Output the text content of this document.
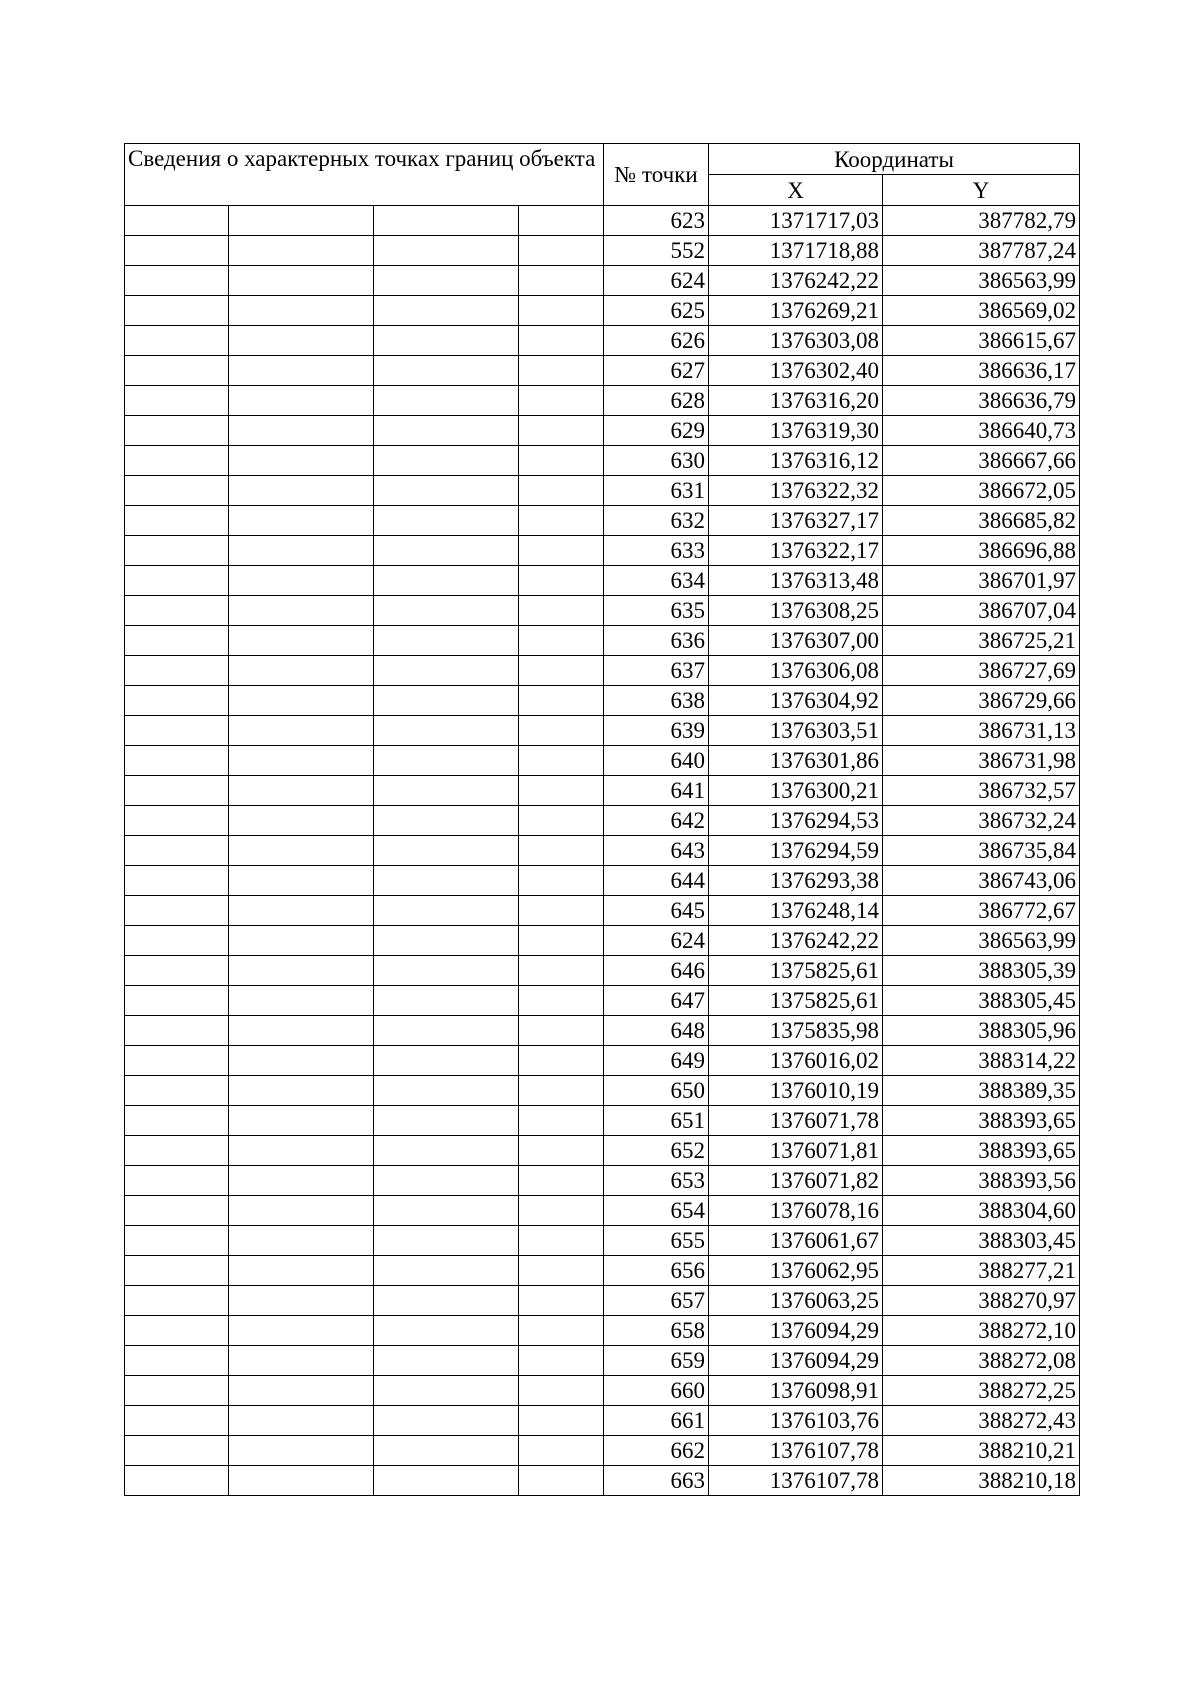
Сведения о характерных точках границ объекта				№ точки	Координаты	
					X	Y
				623	1371717,03	387782,79
				552	1371718,88	387787,24
				624	1376242,22	386563,99
				625	1376269,21	386569,02
				626	1376303,08	386615,67
				627	1376302,40	386636,17
				628	1376316,20	386636,79
				629	1376319,30	386640,73
				630	1376316,12	386667,66
				631	1376322,32	386672,05
				632	1376327,17	386685,82
				633	1376322,17	386696,88
				634	1376313,48	386701,97
				635	1376308,25	386707,04
				636	1376307,00	386725,21
				637	1376306,08	386727,69
				638	1376304,92	386729,66
				639	1376303,51	386731,13
				640	1376301,86	386731,98
				641	1376300,21	386732,57
				642	1376294,53	386732,24
				643	1376294,59	386735,84
				644	1376293,38	386743,06
				645	1376248,14	386772,67
				624	1376242,22	386563,99
				646	1375825,61	388305,39
				647	1375825,61	388305,45
				648	1375835,98	388305,96
				649	1376016,02	388314,22
				650	1376010,19	388389,35
				651	1376071,78	388393,65
				652	1376071,81	388393,65
				653	1376071,82	388393,56
				654	1376078,16	388304,60
				655	1376061,67	388303,45
				656	1376062,95	388277,21
				657	1376063,25	388270,97
				658	1376094,29	388272,10
				659	1376094,29	388272,08
				660	1376098,91	388272,25
				661	1376103,76	388272,43
				662	1376107,78	388210,21
				663	1376107,78	388210,18
